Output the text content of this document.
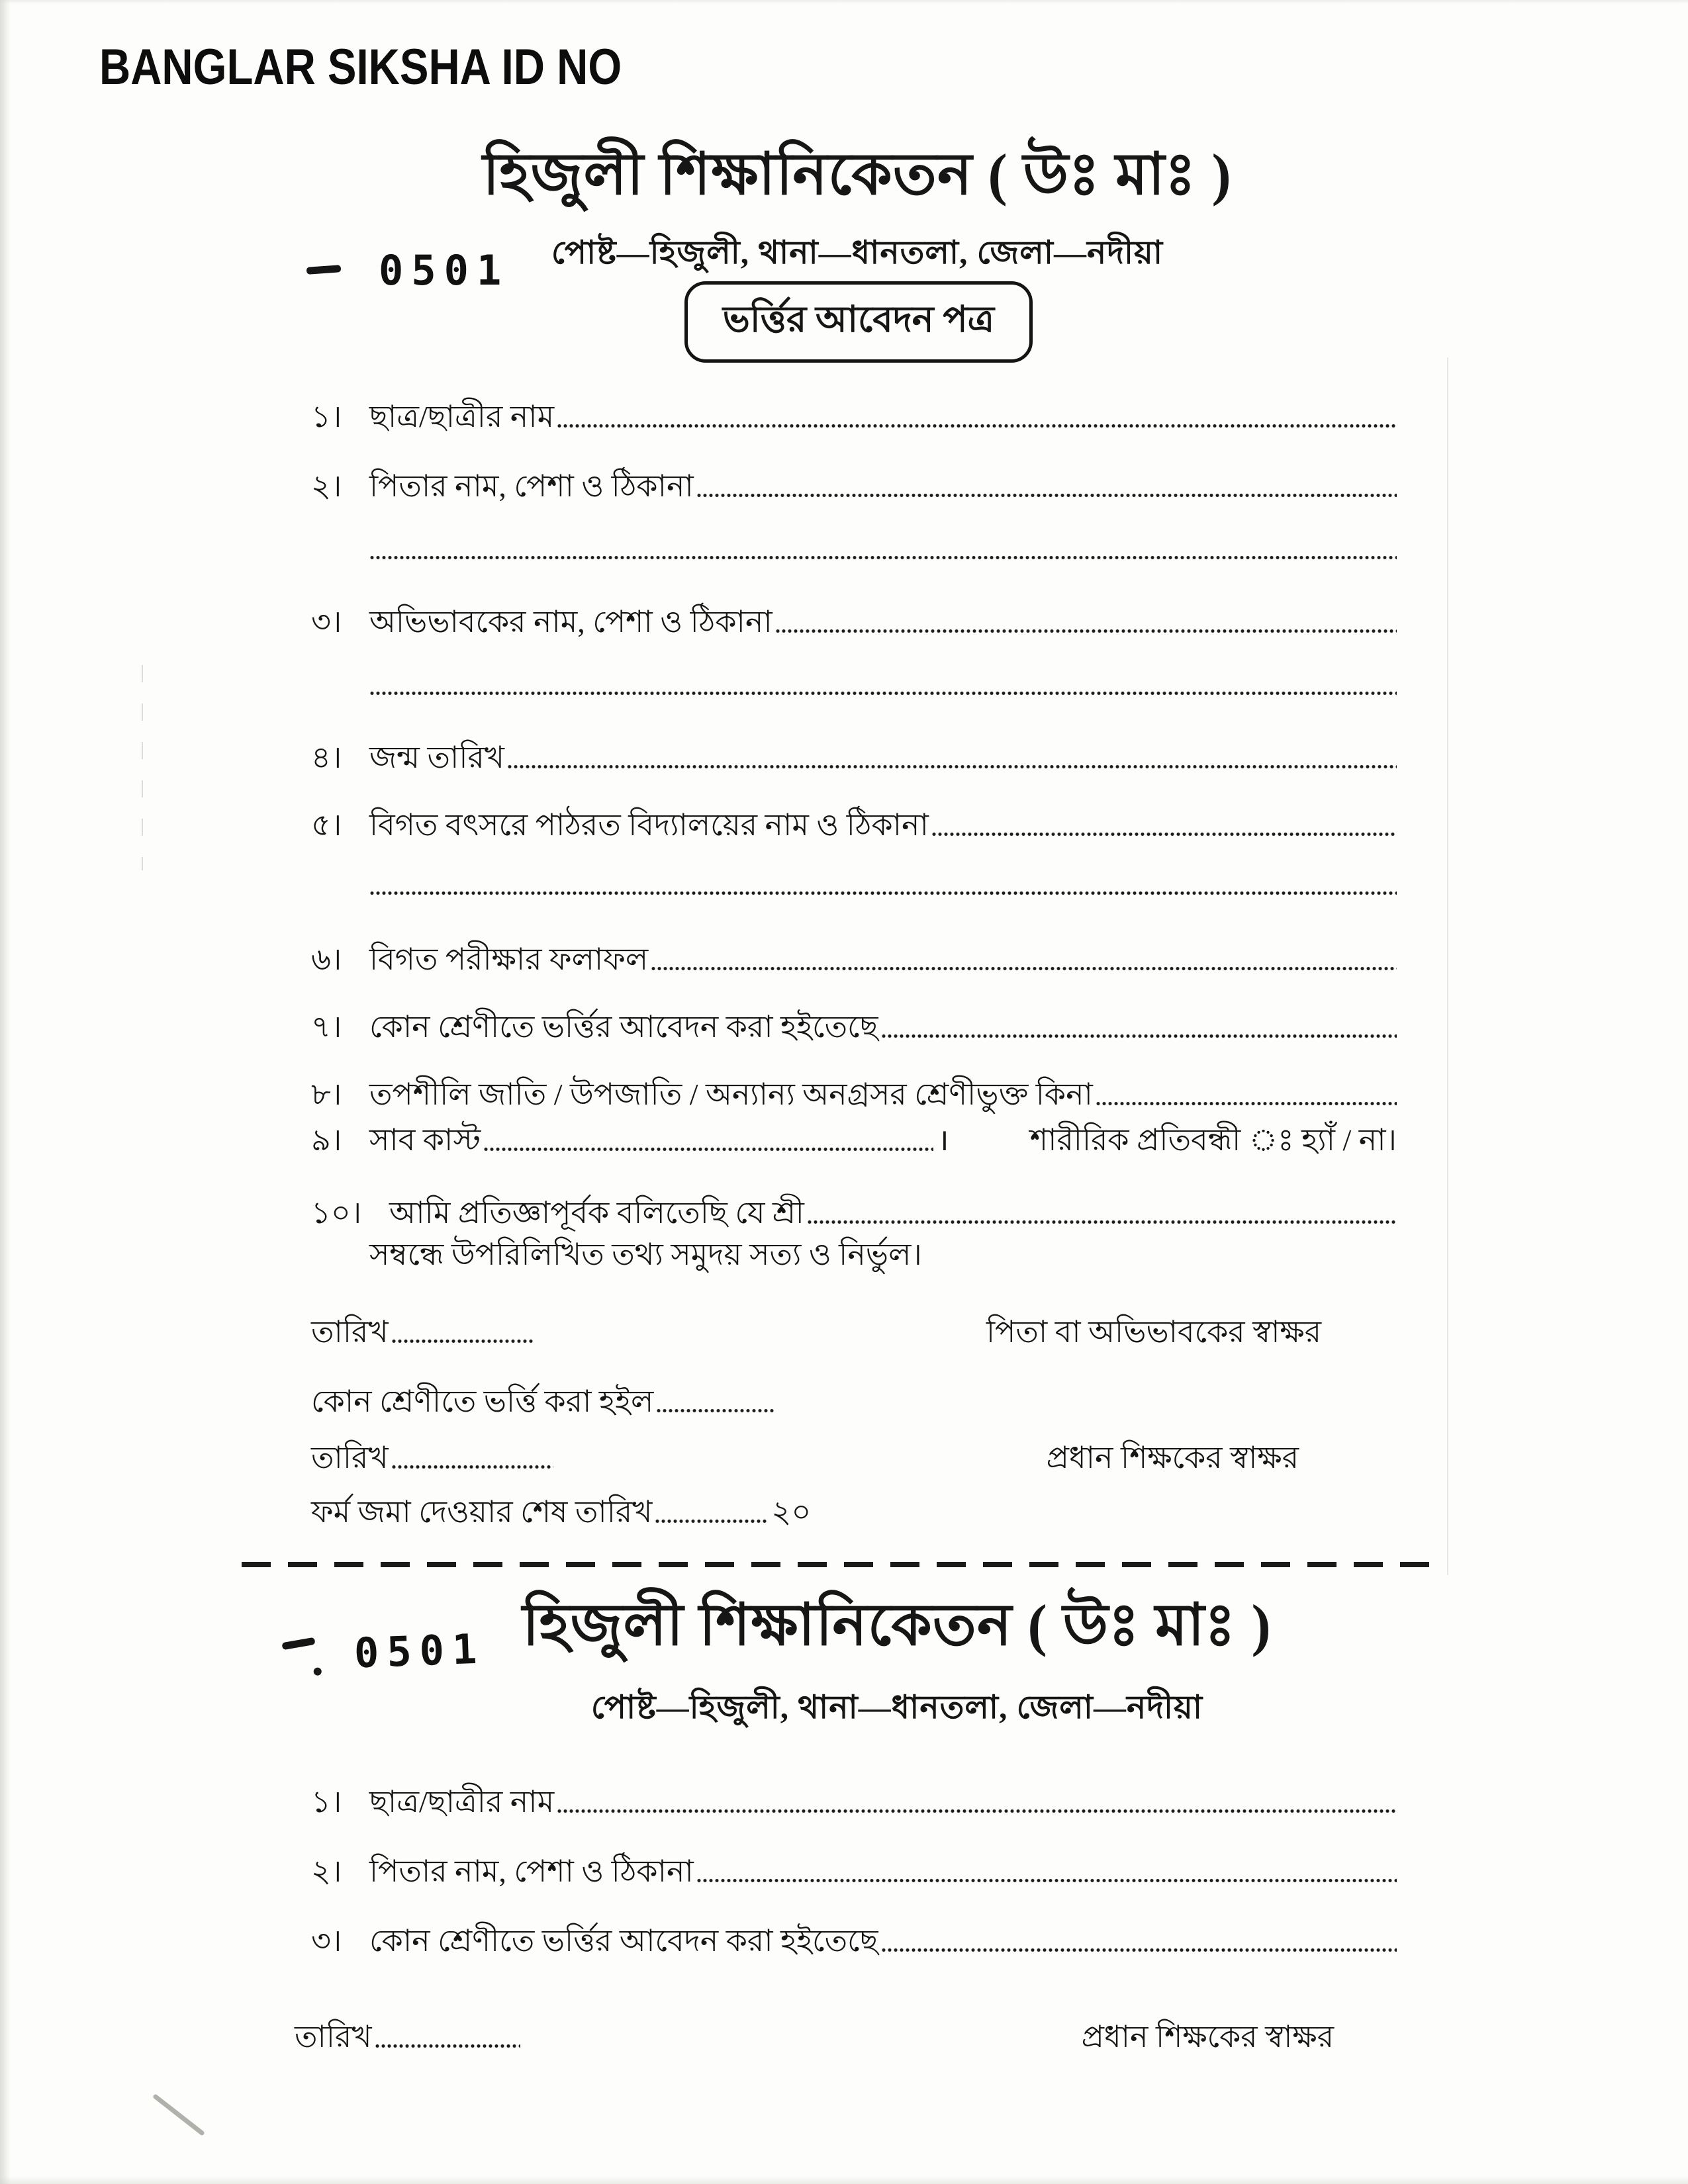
BANGLAR SIKSHA ID NO
হিজুলী শিক্ষানিকেতন ( উঃ মাঃ )
পোষ্ট—হিজুলী, থানা—ধানতলা, জেলা—নদীয়া
0501
ভর্ত্তির আবেদন পত্র
১। ছাত্র/ছাত্রীর নাম
২। পিতার নাম, পেশা ও ঠিকানা
৩। অভিভাবকের নাম, পেশা ও ঠিকানা
৪। জন্ম তারিখ
৫। বিগত বৎসরে পাঠরত বিদ্যালয়ের নাম ও ঠিকানা
৬। বিগত পরীক্ষার ফলাফল
৭। কোন শ্রেণীতে ভর্ত্তির আবেদন করা হইতেছে
৮। তপশীলি জাতি / উপজাতি / অন্যান্য অনগ্রসর শ্রেণীভুক্ত কিনা
৯। সাব কাস্ট	।	শারীরিক প্রতিবন্ধী ঃ হ্যাঁ / না।
১০। আমি প্রতিজ্ঞাপূর্বক বলিতেছি যে শ্রী
সম্বন্ধে উপরিলিখিত তথ্য সমুদয় সত্য ও নির্ভুল।
তারিখ	পিতা বা অভিভাবকের স্বাক্ষর
কোন শ্রেণীতে ভর্ত্তি করা হইল
তারিখ	প্রধান শিক্ষকের স্বাক্ষর
ফর্ম জমা দেওয়ার শেষ তারিখ	২০
হিজুলী শিক্ষানিকেতন ( উঃ মাঃ )
পোষ্ট—হিজুলী, থানা—ধানতলা, জেলা—নদীয়া
0501
১। ছাত্র/ছাত্রীর নাম
২। পিতার নাম, পেশা ও ঠিকানা
৩। কোন শ্রেণীতে ভর্ত্তির আবেদন করা হইতেছে
তারিখ	প্রধান শিক্ষকের স্বাক্ষর
